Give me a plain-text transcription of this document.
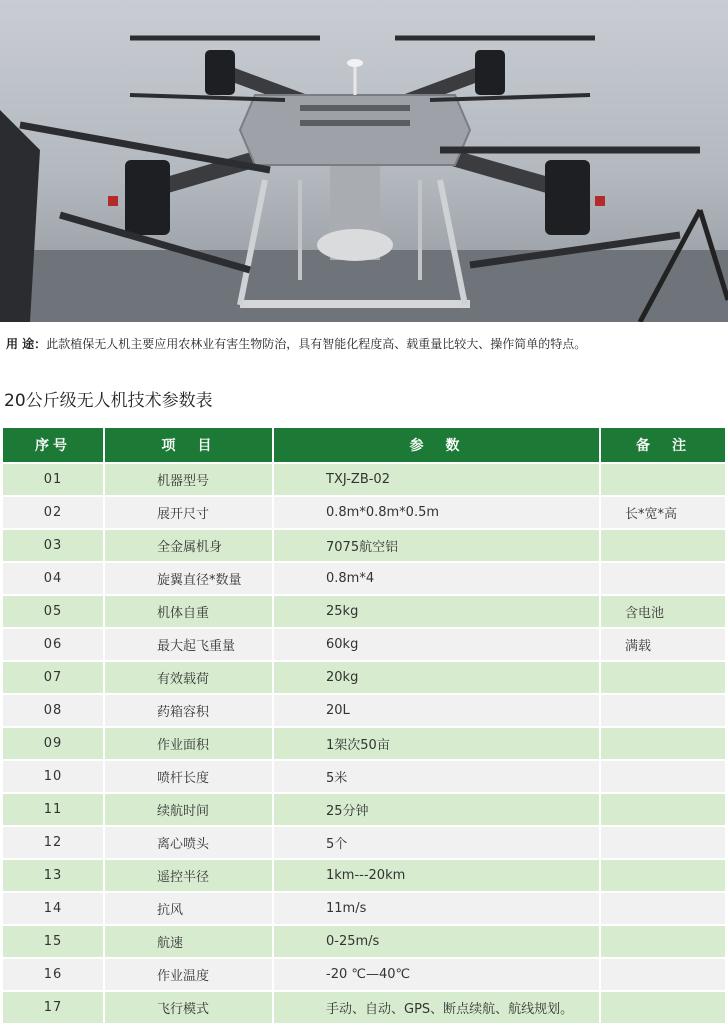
用 途：此款植保无人机主要应用农林业有害生物防治，具有智能化程度高、载重量比较大、操作简单的特点。
20公斤级无人机技术参数表
序号	项　目	参　数	备　注
01	机器型号	TXJ-ZB-02	
02	展开尺寸	0.8m*0.8m*0.5m	长*宽*高
03	全金属机身	7075航空铝	
04	旋翼直径*数量	0.8m*4	
05	机体自重	25kg	含电池
06	最大起飞重量	60kg	满载
07	有效载荷	20kg	
08	药箱容积	20L	
09	作业面积	1架次50亩	
10	喷杆长度	5米	
11	续航时间	25分钟	
12	离心喷头	5个	
13	遥控半径	1km---20km	
14	抗风	11m/s	
15	航速	0-25m/s	
16	作业温度	-20 ℃—40℃	
17	飞行模式	手动、自动、GPS、断点续航、航线规划。	
